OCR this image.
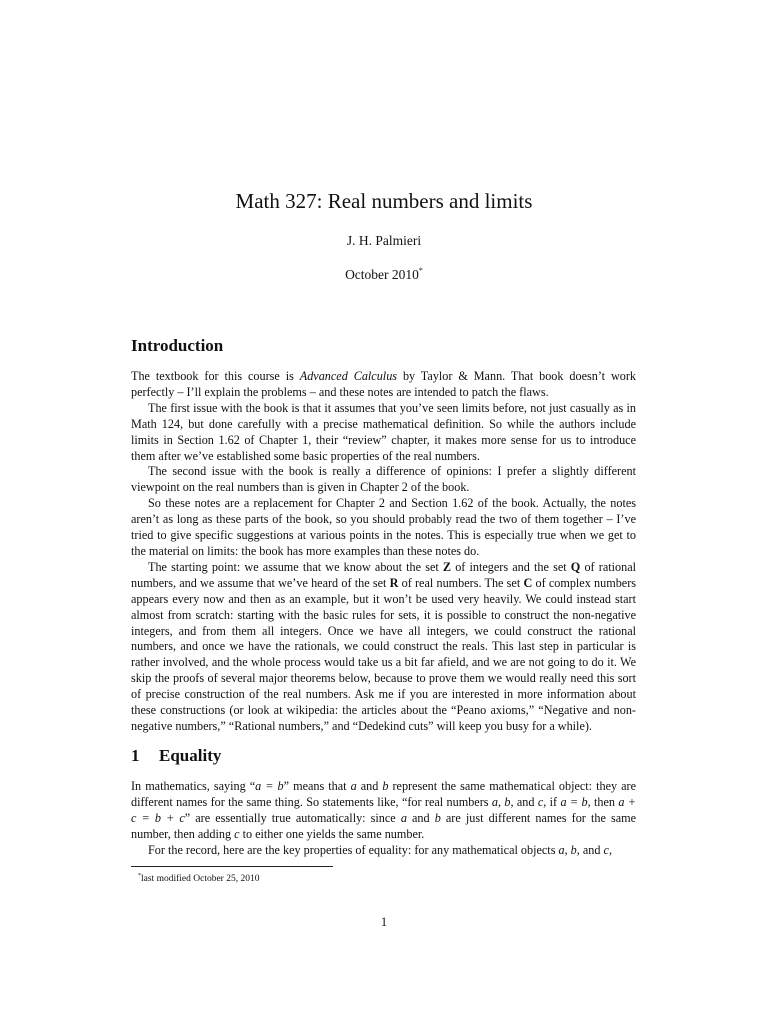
Math 327: Real numbers and limits
J. H. Palmieri
October 2010*
Introduction

The textbook for this course is Advanced Calculus by Taylor & Mann. That book doesn’t work perfectly – I’ll explain the problems – and these notes are intended to patch the flaws.

The first issue with the book is that it assumes that you’ve seen limits before, not just casually as in Math 124, but done carefully with a precise mathematical definition. So while the authors include limits in Section 1.62 of Chapter 1, their “review” chapter, it makes more sense for us to introduce them after we’ve established some basic properties of the real numbers.

The second issue with the book is really a difference of opinions: I prefer a slightly different viewpoint on the real numbers than is given in Chapter 2 of the book.

So these notes are a replacement for Chapter 2 and Section 1.62 of the book. Actually, the notes aren’t as long as these parts of the book, so you should probably read the two of them together – I’ve tried to give specific suggestions at various points in the notes. This is especially true when we get to the material on limits: the book has more examples than these notes do.

The starting point: we assume that we know about the set Z of integers and the set Q of rational numbers, and we assume that we’ve heard of the set R of real numbers. The set C of complex numbers appears every now and then as an example, but it won’t be used very heavily. We could instead start almost from scratch: starting with the basic rules for sets, it is possible to construct the non-negative integers, and from them all integers. Once we have all integers, we could construct the rational numbers, and once we have the rationals, we could construct the reals. This last step in particular is rather involved, and the whole process would take us a bit far afield, and we are not going to do it. We skip the proofs of several major theorems below, because to prove them we would really need this sort of precise construction of the real numbers. Ask me if you are interested in more information about these constructions (or look at wikipedia: the articles about the “Peano axioms,” “Negative and non-negative numbers,” “Rational numbers,” and “Dedekind cuts” will keep you busy for a while).

1 Equality

In mathematics, saying “a = b” means that a and b represent the same mathematical object: they are different names for the same thing. So statements like, “for real numbers a, b, and c, if a = b, then a + c = b + c” are essentially true automatically: since a and b are just different names for the same number, then adding c to either one yields the same number.

For the record, here are the key properties of equality: for any mathematical objects a, b, and c,

*last modified October 25, 2010
1
